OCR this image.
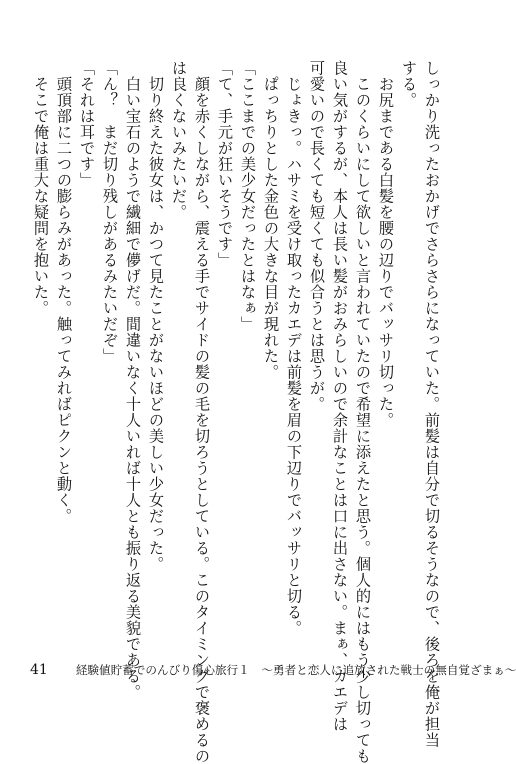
しっかり洗ったおかげでさらさらになっていた。前髪は自分で切るそうなので、後ろを俺が担当
する。
　お尻まである白髪を腰の辺りでバッサリ切った。
　このくらいにして欲しいと言われていたので希望に添えたと思う。個人的にはもう少し切っても
良い気がするが、本人は長い髪がおみらしいので余計なことは口に出さない。まぁ、カエデは
可愛いので長くても短くても似合うとは思うが。
　じょきっ。ハサミを受け取ったカエデは前髪を眉の下辺りでバッサリと切る。
　ぱっちりとした金色の大きな目が現れた。
「ここまでの美少女だったとはなぁ」
「て、手元が狂いそうです」
　顔を赤くしながら、震える手でサイドの髪の毛を切ろうとしている。このタイミングで褒めるの
は良くないみたいだ。
　切り終えた彼女は、かつて見たことがないほどの美しい少女だった。
　白い宝石のようで繊細で儚げだ。間違いなく十人いれば十人とも振り返る美貌である。
「ん？　まだ切り残しがあるみたいだぞ」
「それは耳です」
　頭頂部に二つの膨らみがあった。触ってみればピクンと動く。
　そこで俺は重大な疑問を抱いた。
41 経験値貯蓄でのんびり傷心旅行１　〜勇者と恋人に追放された戦士の無自覚ざまぁ〜
